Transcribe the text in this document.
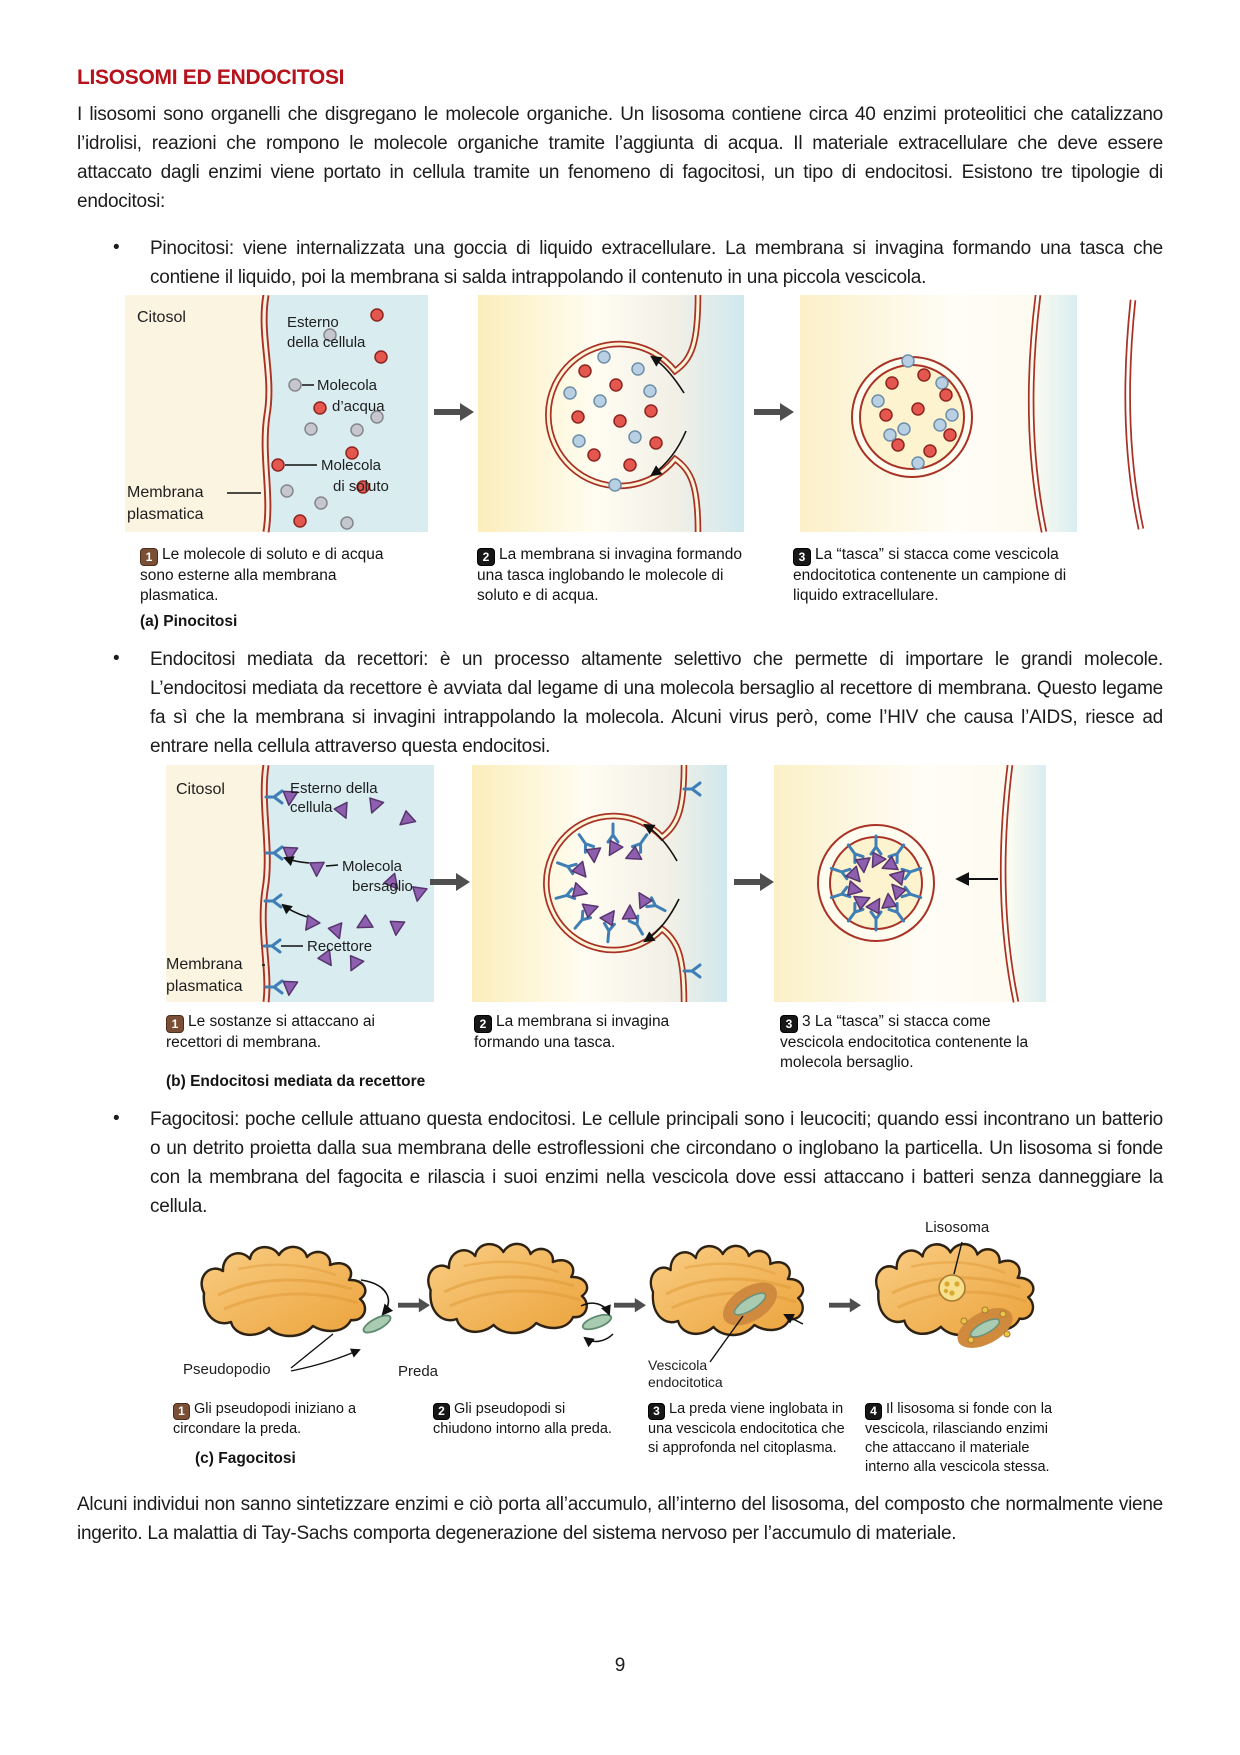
LISOSOMI ED ENDOCITOSI
I lisosomi sono organelli che disgregano le molecole organiche. Un lisosoma contiene circa 40 enzimi proteolitici che catalizzano l’idrolisi, reazioni che rompono le molecole organiche tramite l’aggiunta di acqua. Il materiale extracellulare che deve essere attaccato dagli enzimi viene portato in cellula tramite un fenomeno di fagocitosi, un tipo di endocitosi. Esistono tre tipologie di endocitosi:
• Pinocitosi: viene internalizzata una goccia di liquido extracellulare. La membrana si invagina formando una tasca che contiene il liquido, poi la membrana si salda intrappolando il contenuto in una piccola vescicola.
Citosol	Esterno
della cellula
Molecola
d’acqua
Molecola
di soluto
Membrana
plasmatica
1 Le molecole di soluto e di acqua sono esterne alla membrana plasmatica.
2 La membrana si invagina formando una tasca inglobando le molecole di soluto e di acqua.
3 La “tasca” si stacca come vescicola endocitotica contenente un campione di liquido extracellulare.
(a) Pinocitosi
• Endocitosi mediata da recettori: è un processo altamente selettivo che permette di importare le grandi molecole. L’endocitosi mediata da recettore è avviata dal legame di una molecola bersaglio al recettore di membrana. Questo legame fa sì che la membrana si invagini intrappolando la molecola. Alcuni virus però, come l’HIV che causa l’AIDS, riesce ad entrare nella cellula attraverso questa endocitosi.
Citosol	Esterno della
cellula
Molecola
bersaglio
Recettore
Membrana
plasmatica
1 Le sostanze si attaccano ai recettori di membrana.
2 La membrana si invagina formando una tasca.
3 3 La “tasca” si stacca come vescicola endocitotica contenente la molecola bersaglio.
(b) Endocitosi mediata da recettore
• Fagocitosi: poche cellule attuano questa endocitosi. Le cellule principali sono i leucociti; quando essi incontrano un batterio o un detrito proietta dalla sua membrana delle estroflessioni che circondano o inglobano la particella. Un lisosoma si fonde con la membrana del fagocita e rilascia i suoi enzimi nella vescicola dove essi attaccano i batteri senza danneggiare la cellula.
Pseudopodio	Preda	Vescicola
endocitotica
Lisosoma
1 Gli pseudopodi iniziano a circondare la preda.
2 Gli pseudopodi si chiudono intorno alla preda.
3 La preda viene inglobata in una vescicola endocitotica che si approfonda nel citoplasma.
4 Il lisosoma si fonde con la vescicola, rilasciando enzimi che attaccano il materiale interno alla vescicola stessa.
(c) Fagocitosi
Alcuni individui non sanno sintetizzare enzimi e ciò porta all’accumulo, all’interno del lisosoma, del composto che normalmente viene ingerito. La malattia di Tay-Sachs comporta degenerazione del sistema nervoso per l’accumulo di materiale.
9
